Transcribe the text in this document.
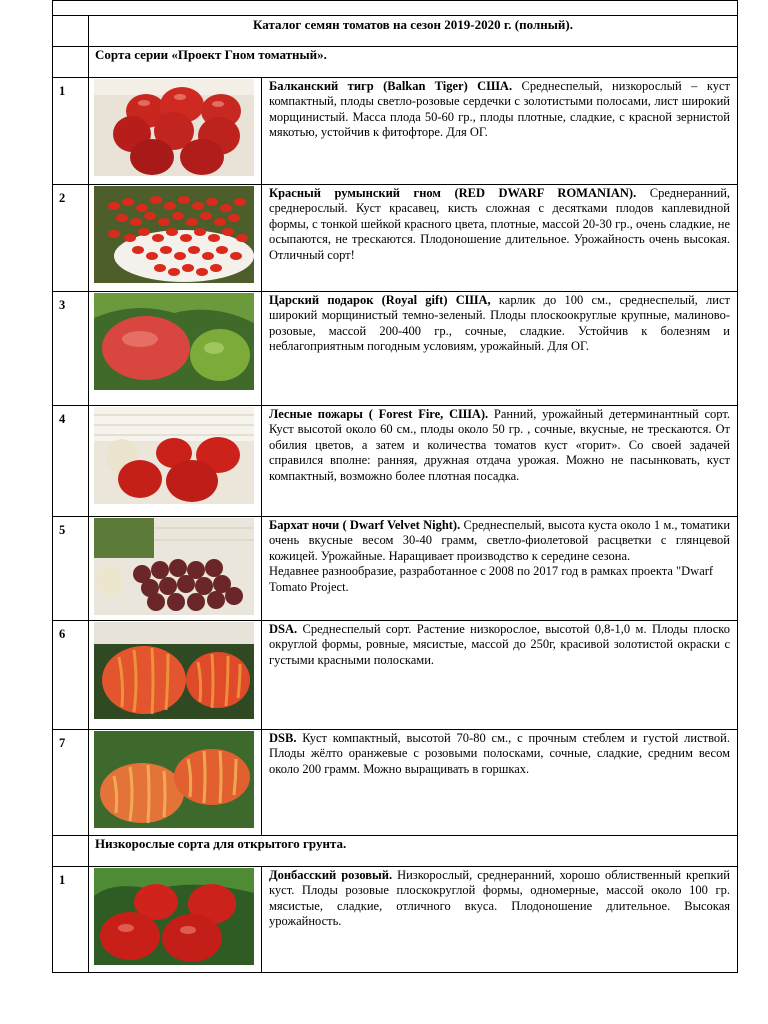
	Каталог семян томатов на сезон 2019-2020 г. (полный).	

	Сорта серии «Проект Гном томатный».	

1		Балканский тигр (Balkan Tiger) США. Среднеспелый, низкорослый – куст компактный, плоды светло-розовые сердечки с золотистыми полосами, лист широкий морщинистый. Масса плода 50-60 гр., плоды плотные, сладкие, с красной зернистой мякотью, устойчив к фитофторе. Для ОГ.
2		Красный румынский гном (RED DWARF ROMANIAN). Среднеранний, среднерослый. Куст красавец, кисть сложная с десятками плодов каплевидной формы, с тонкой шейкой красного цвета, плотные, массой 20-30 гр., очень сладкие, не осыпаются, не трескаются. Плодоношение длительное. Урожайность очень высокая. Отличный сорт!
3		Царский подарок (Royal gift) США, карлик до 100 см., среднеспелый, лист широкий морщинистый темно-зеленый. Плоды плоскоокруглые крупные, малиново-розовые, массой 200-400 гр., сочные, сладкие. Устойчив к болезням и неблагоприятным погодным условиям, урожайный. Для ОГ.
4		Лесные пожары ( Forest Fire, США). Ранний, урожайный детерминантный сорт. Куст высотой около 60 см., плоды около 50 гр. , сочные, вкусные, не трескаются. От обилия цветов, а затем и количества томатов куст «горит». Со своей задачей справился вполне: ранняя, дружная отдача урожая. Можно не пасынковать, куст компактный, возможно более плотная посадка.
5		Бархат ночи ( Dwarf Velvet Night). Среднеспелый, высота куста около 1 м., томатики очень вкусные весом 30-40 грамм, светло-фиолетовой расцветки с глянцевой кожицей. Урожайные. Наращивает производство к середине сезона.
Недавнее разнообразие, разработанное с 2008 по 2017 год в рамках проекта "Dwarf Tomato Project.

6		DSA. Среднеспелый сорт. Растение низкорослое, высотой 0,8-1,0 м. Плоды плоско округлой формы, ровные, мясистые, массой до 250г, красивой золотистой окраски с густыми красными полосками.
7		DSB. Куст компактный, высотой 70-80 см., с прочным стеблем и густой листвой. Плоды жёлто оранжевые с розовыми полосками, сочные, сладкие, средним весом около 200 грамм. Можно выращивать в горшках.

	Низкорослые сорта для открытого грунта.	

1		Донбасский розовый. Низкорослый, среднеранний, хорошо облиственный крепкий куст. Плоды розовые плоскокруглой формы, одномерные, массой около 100 гр. мясистые, сладкие, отличного вкуса. Плодоношение длительное. Высокая урожайность.
